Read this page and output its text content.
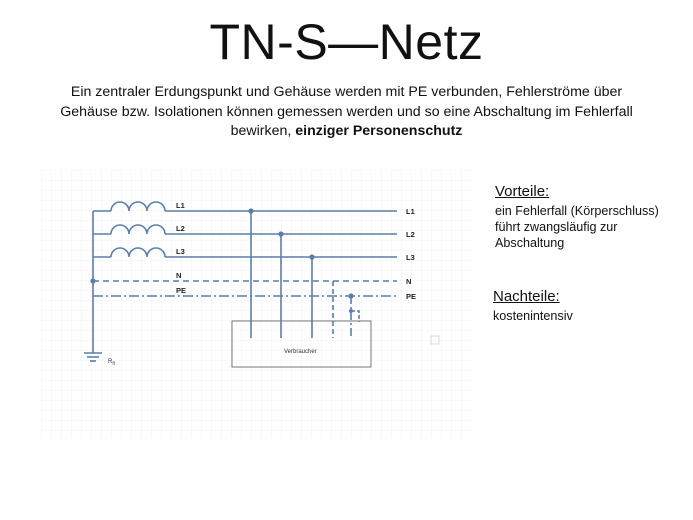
TN-S—Netz
Ein zentraler Erdungspunkt und Gehäuse werden mit PE verbunden, Fehlerströme über Gehäuse bzw. Isolationen können gemessen werden und so eine Abschaltung im Fehlerfall bewirken, einziger Personenschutz
Verbraucher
L1
L2
L3
N
PE
L1
L2
L3
N
PE
$R_B$
Vorteile:
ein Fehlerfall (Körperschluss) führt zwangsläufig zur Abschaltung
Nachteile:
kostenintensiv
